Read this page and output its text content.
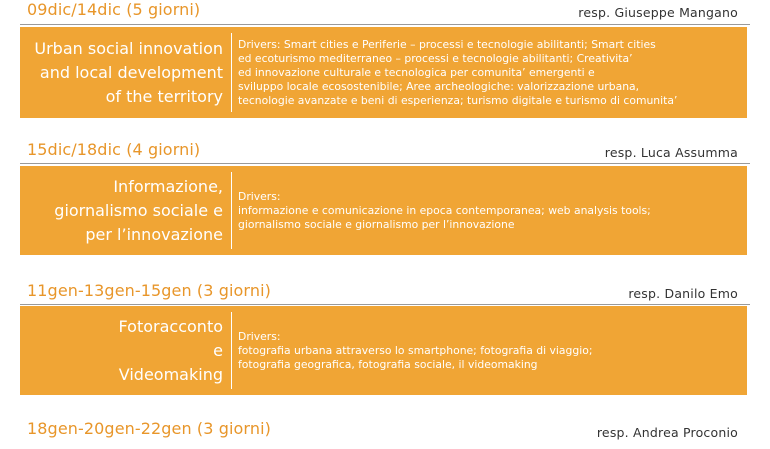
09dic/14dic (5 giorni)	resp. Giuseppe Mangano
Urban social innovation
and local development
of the territory
Drivers: Smart cities e Periferie – processi e tecnologie abilitanti; Smart cities
ed ecoturismo mediterraneo – processi e tecnologie abilitanti; Creativita’
ed innovazione culturale e tecnologica per comunita’ emergenti e
sviluppo locale ecosostenibile; Aree archeologiche: valorizzazione urbana,
tecnologie avanzate e beni di esperienza; turismo digitale e turismo di comunita’
15dic/18dic (4 giorni)	resp. Luca Assumma
Informazione,
giornalismo sociale e
per l’innovazione
Drivers:
informazione e comunicazione in epoca contemporanea; web analysis tools;
giornalismo sociale e giornalismo per l’innovazione
11gen-13gen-15gen (3 giorni)	resp. Danilo Emo
Fotoracconto
e
Videomaking
Drivers:
fotografia urbana attraverso lo smartphone; fotografia di viaggio;
fotografia geografica, fotografia sociale, il videomaking
18gen-20gen-22gen (3 giorni)	resp. Andrea Proconio
